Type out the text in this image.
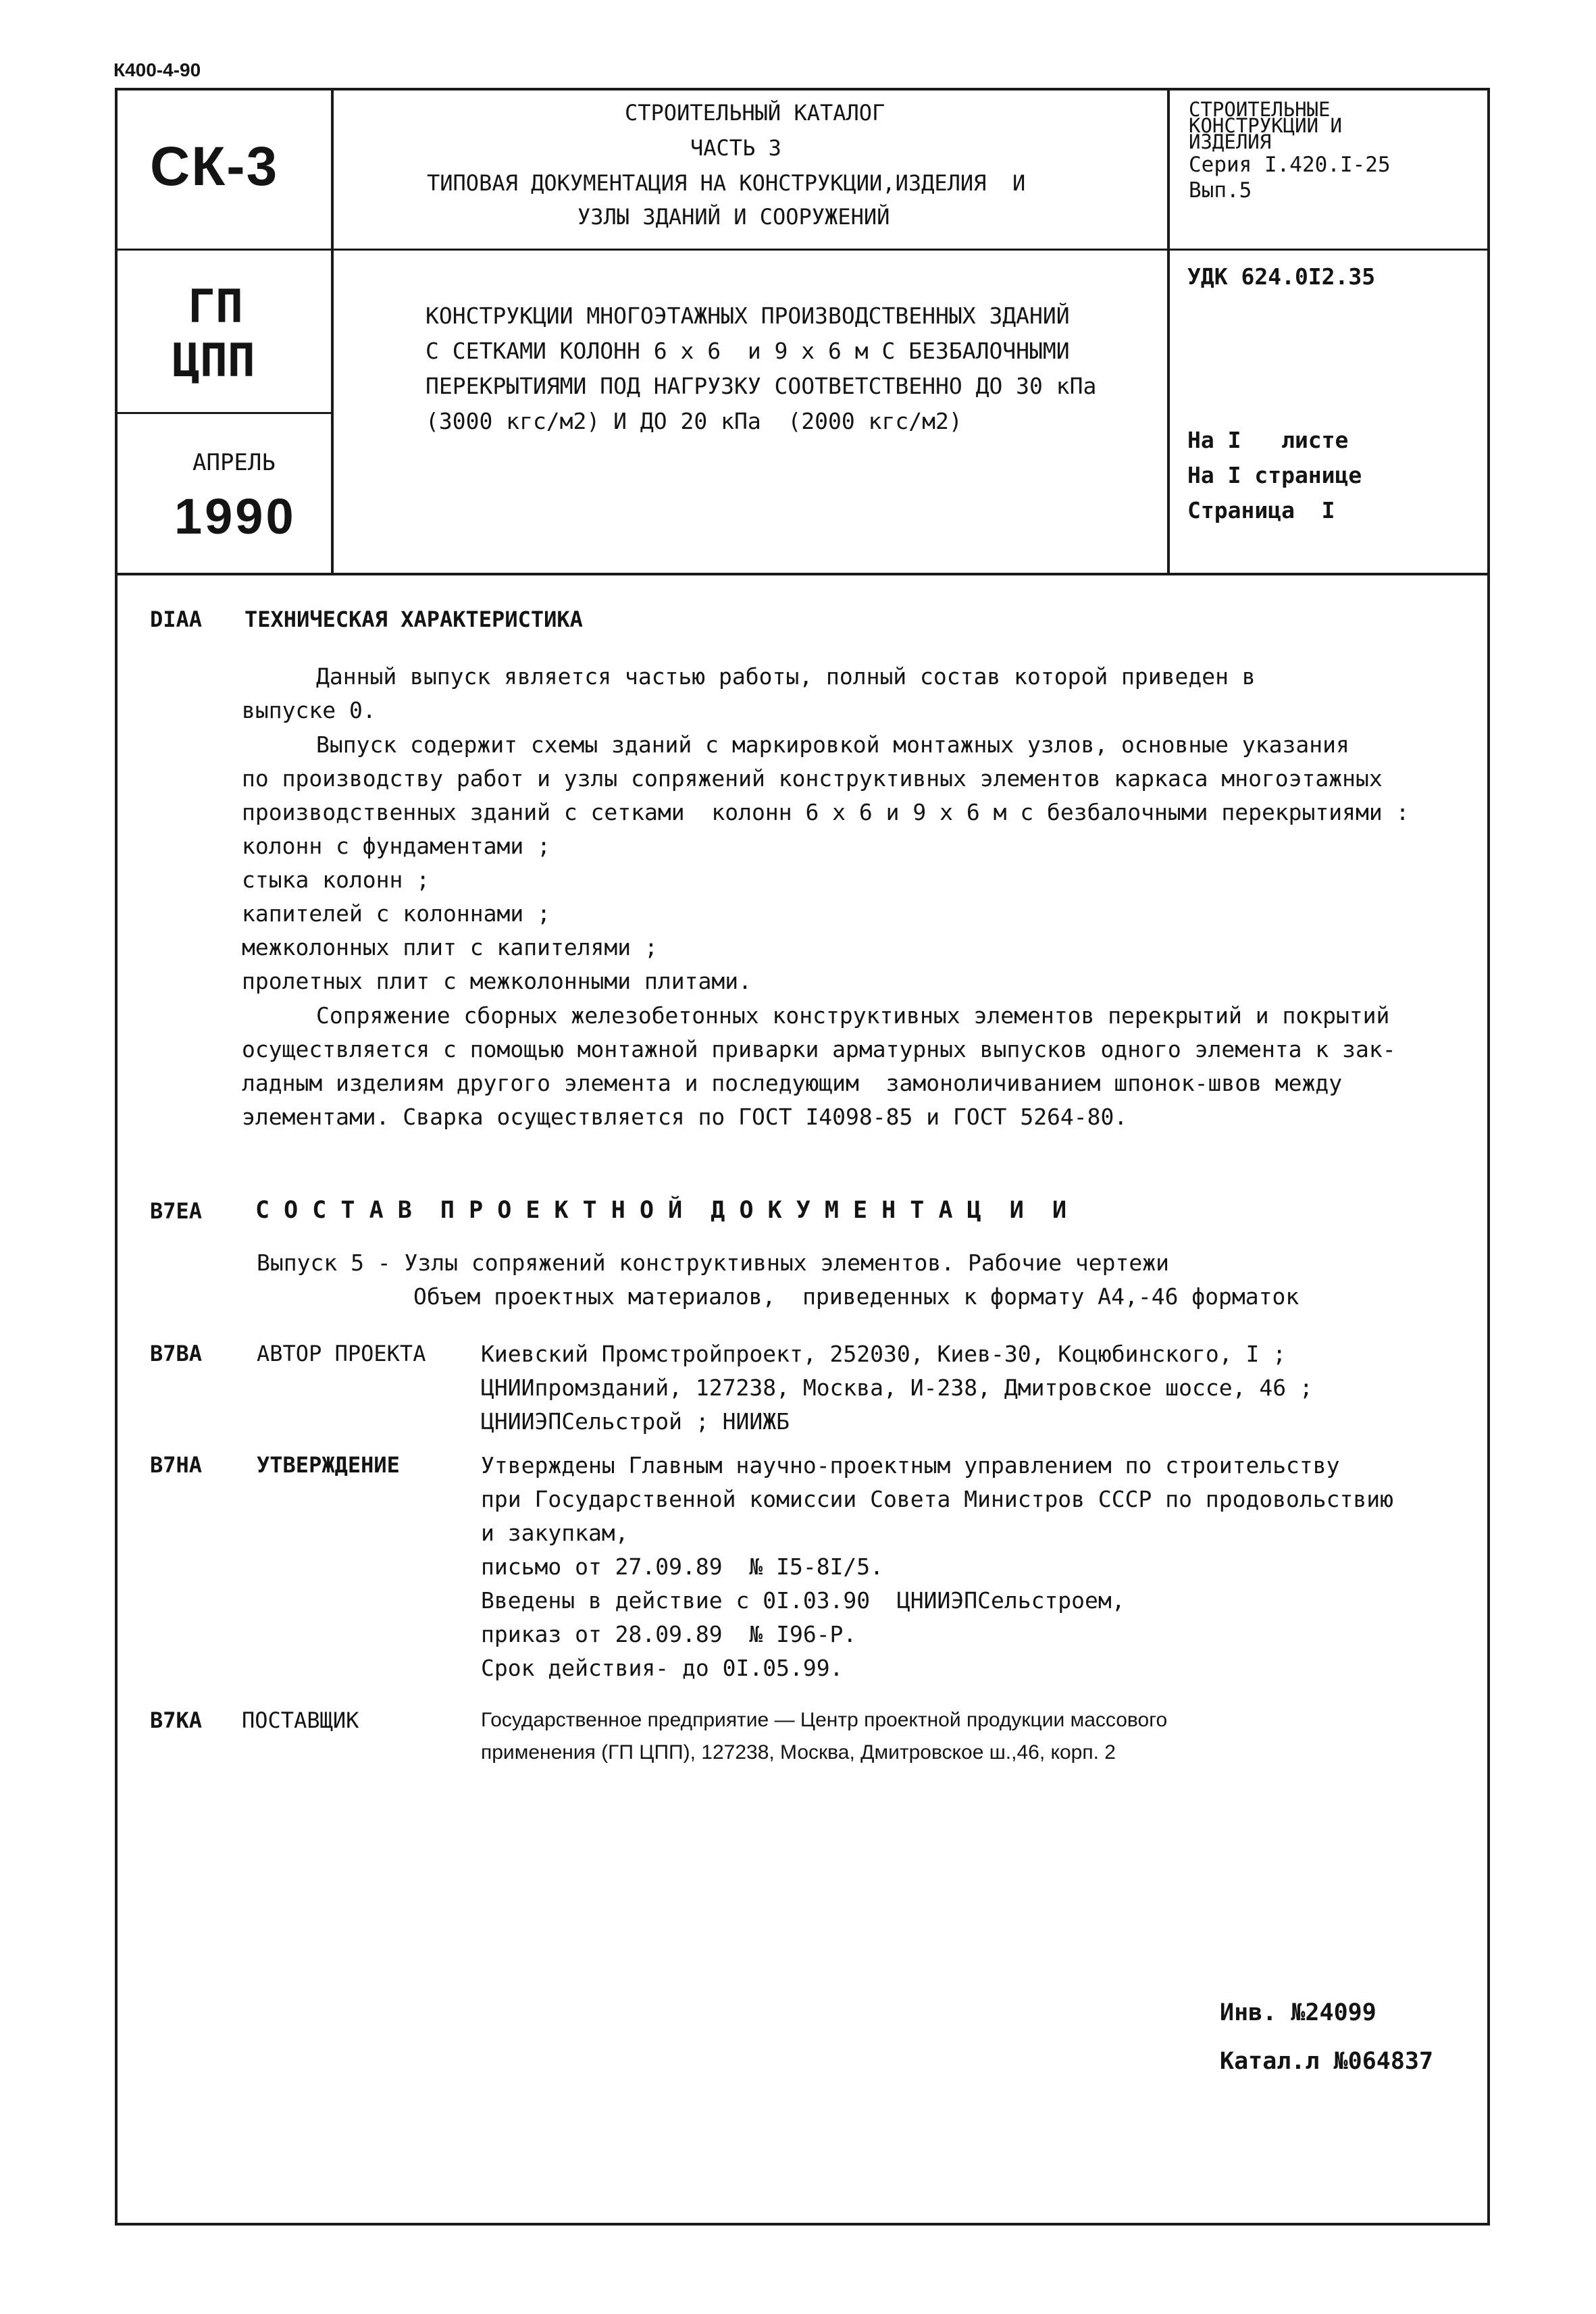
К400-4-90
СК-3
ГП
ЦПП
АПРЕЛЬ
1990
СТРОИТЕЛЬНЫЙ КАТАЛОГ
ЧАСТЬ 3
ТИПОВАЯ ДОКУМЕНТАЦИЯ НА КОНСТРУКЦИИ,ИЗДЕЛИЯ  И
УЗЛЫ ЗДАНИЙ И СООРУЖЕНИЙ
КОНСТРУКЦИИ МНОГОЭТАЖНЫХ ПРОИЗВОДСТВЕННЫХ ЗДАНИЙ
С СЕТКАМИ КОЛОНН 6 х 6  и 9 х 6 м С БЕЗБАЛОЧНЫМИ
ПЕРЕКРЫТИЯМИ ПОД НАГРУЗКУ СООТВЕТСТВЕННО ДО 30 кПа
(3000 кгс/м2) И ДО 20 кПа  (2000 кгс/м2)
СТРОИТЕЛЬНЫЕ
КОНСТРУКЦИИ И
ИЗДЕЛИЯ
Серия I.420.I-25
Вып.5
УДК 624.0I2.35
На I   листе
На I странице
Страница  I
DIAA ТЕХНИЧЕСКАЯ ХАРАКТЕРИСТИКА
Данный выпуск является частью работы, полный состав которой приведен в
выпуске 0.
Выпуск содержит схемы зданий с маркировкой монтажных узлов, основные указания
по производству работ и узлы сопряжений конструктивных элементов каркаса многоэтажных
производственных зданий с сетками  колонн 6 х 6 и 9 х 6 м с безбалочными перекрытиями :
колонн с фундаментами ;
стыка колонн ;
капителей с колоннами ;
межколонных плит с капителями ;
пролетных плит с межколонными плитами.
Сопряжение сборных железобетонных конструктивных элементов перекрытий и покрытий
осуществляется с помощью монтажной приварки арматурных выпусков одного элемента к зак-
ладным изделиям другого элемента и последующим  замоноличиванием шпонок-швов между
элементами. Сварка осуществляется по ГОСТ I4098-85 и ГОСТ 5264-80.
B7EA С О С Т А В  П Р О Е К Т Н О Й  Д О К У М Е Н Т А Ц  И  И
Выпуск 5 - Узлы сопряжений конструктивных элементов. Рабочие чертежи
Объем проектных материалов,  приведенных к формату А4,-46 форматок
B7BA	АВТОР ПРОЕКТА Киевский Промстройпроект, 252030, Киев-30, Коцюбинского, I ;
ЦНИИпромзданий, 127238, Москва, И-238, Дмитровское шоссе, 46 ;
ЦНИИЭПСельстрой ; НИИЖБ
B7HA	УТВЕРЖДЕНИЕ	Утверждены Главным научно-проектным управлением по строительству
при Государственной комиссии Совета Министров СССР по продовольствию
и закупкам,
письмо от 27.09.89  № I5-8I/5.
Введены в действие с 0I.03.90  ЦНИИЭПСельстроем,
приказ от 28.09.89  № I96-Р.
Срок действия- до 0I.05.99.
B7KA ПОСТАВЩИК	Государственное предприятие — Центр проектной продукции массового
применения (ГП ЦПП), 127238, Москва, Дмитровское ш.,46, корп. 2
Инв. №24099
Катал.л №064837
